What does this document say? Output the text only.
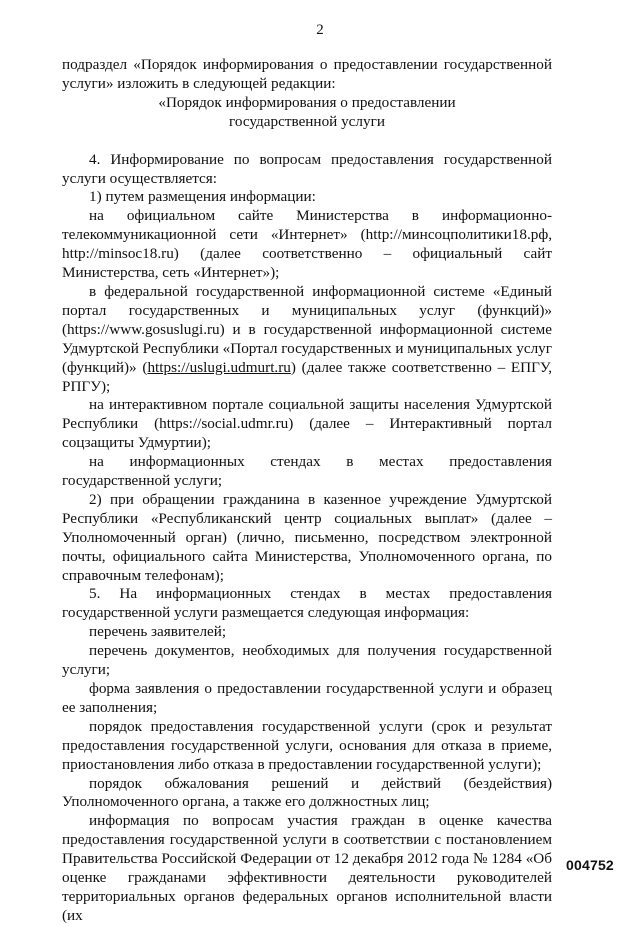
2

подраздел «Порядок информирования о предоставлении государственной услуги» изложить в следующей редакции:

«Порядок информирования о предоставлении

государственной услуги

4. Информирование по вопросам предоставления государственной услуги осуществляется:

1) путем размещения информации:

на официальном сайте Министерства в информационно-телекоммуникационной сети «Интернет» (http://минсоцполитики18.рф, http://minsoc18.ru) (далее соответственно – официальный сайт Министерства, сеть «Интернет»);

в федеральной государственной информационной системе «Единый портал государственных и муниципальных услуг (функций)» (https://www.gosuslugi.ru) и в государственной информационной системе Удмуртской Республики «Портал государственных и муниципальных услуг (функций)» (https://uslugi.udmurt.ru) (далее также соответственно – ЕПГУ, РПГУ);

на интерактивном портале социальной защиты населения Удмуртской Республики (https://social.udmr.ru) (далее – Интерактивный портал соцзащиты Удмуртии);

на информационных стендах в местах предоставления государственной услуги;

2) при обращении гражданина в казенное учреждение Удмуртской Республики «Республиканский центр социальных выплат» (далее – Уполномоченный орган) (лично, письменно, посредством электронной почты, официального сайта Министерства, Уполномоченного органа, по справочным телефонам);

5. На информационных стендах в местах предоставления государственной услуги размещается следующая информация:

перечень заявителей;

перечень документов, необходимых для получения государственной услуги;

форма заявления о предоставлении государственной услуги и образец ее заполнения;

порядок предоставления государственной услуги (срок и результат предоставления государственной услуги, основания для отказа в приеме, приостановления либо отказа в предоставлении государственной услуги);

порядок обжалования решений и действий (бездействия) Уполномоченного органа, а также его должностных лиц;

информация по вопросам участия граждан в оценке качества предоставления государственной услуги в соответствии с постановлением Правительства Российской Федерации от 12 декабря 2012 года № 1284 «Об оценке гражданами эффективности деятельности руководителей территориальных органов федеральных органов исполнительной власти (их

004752
